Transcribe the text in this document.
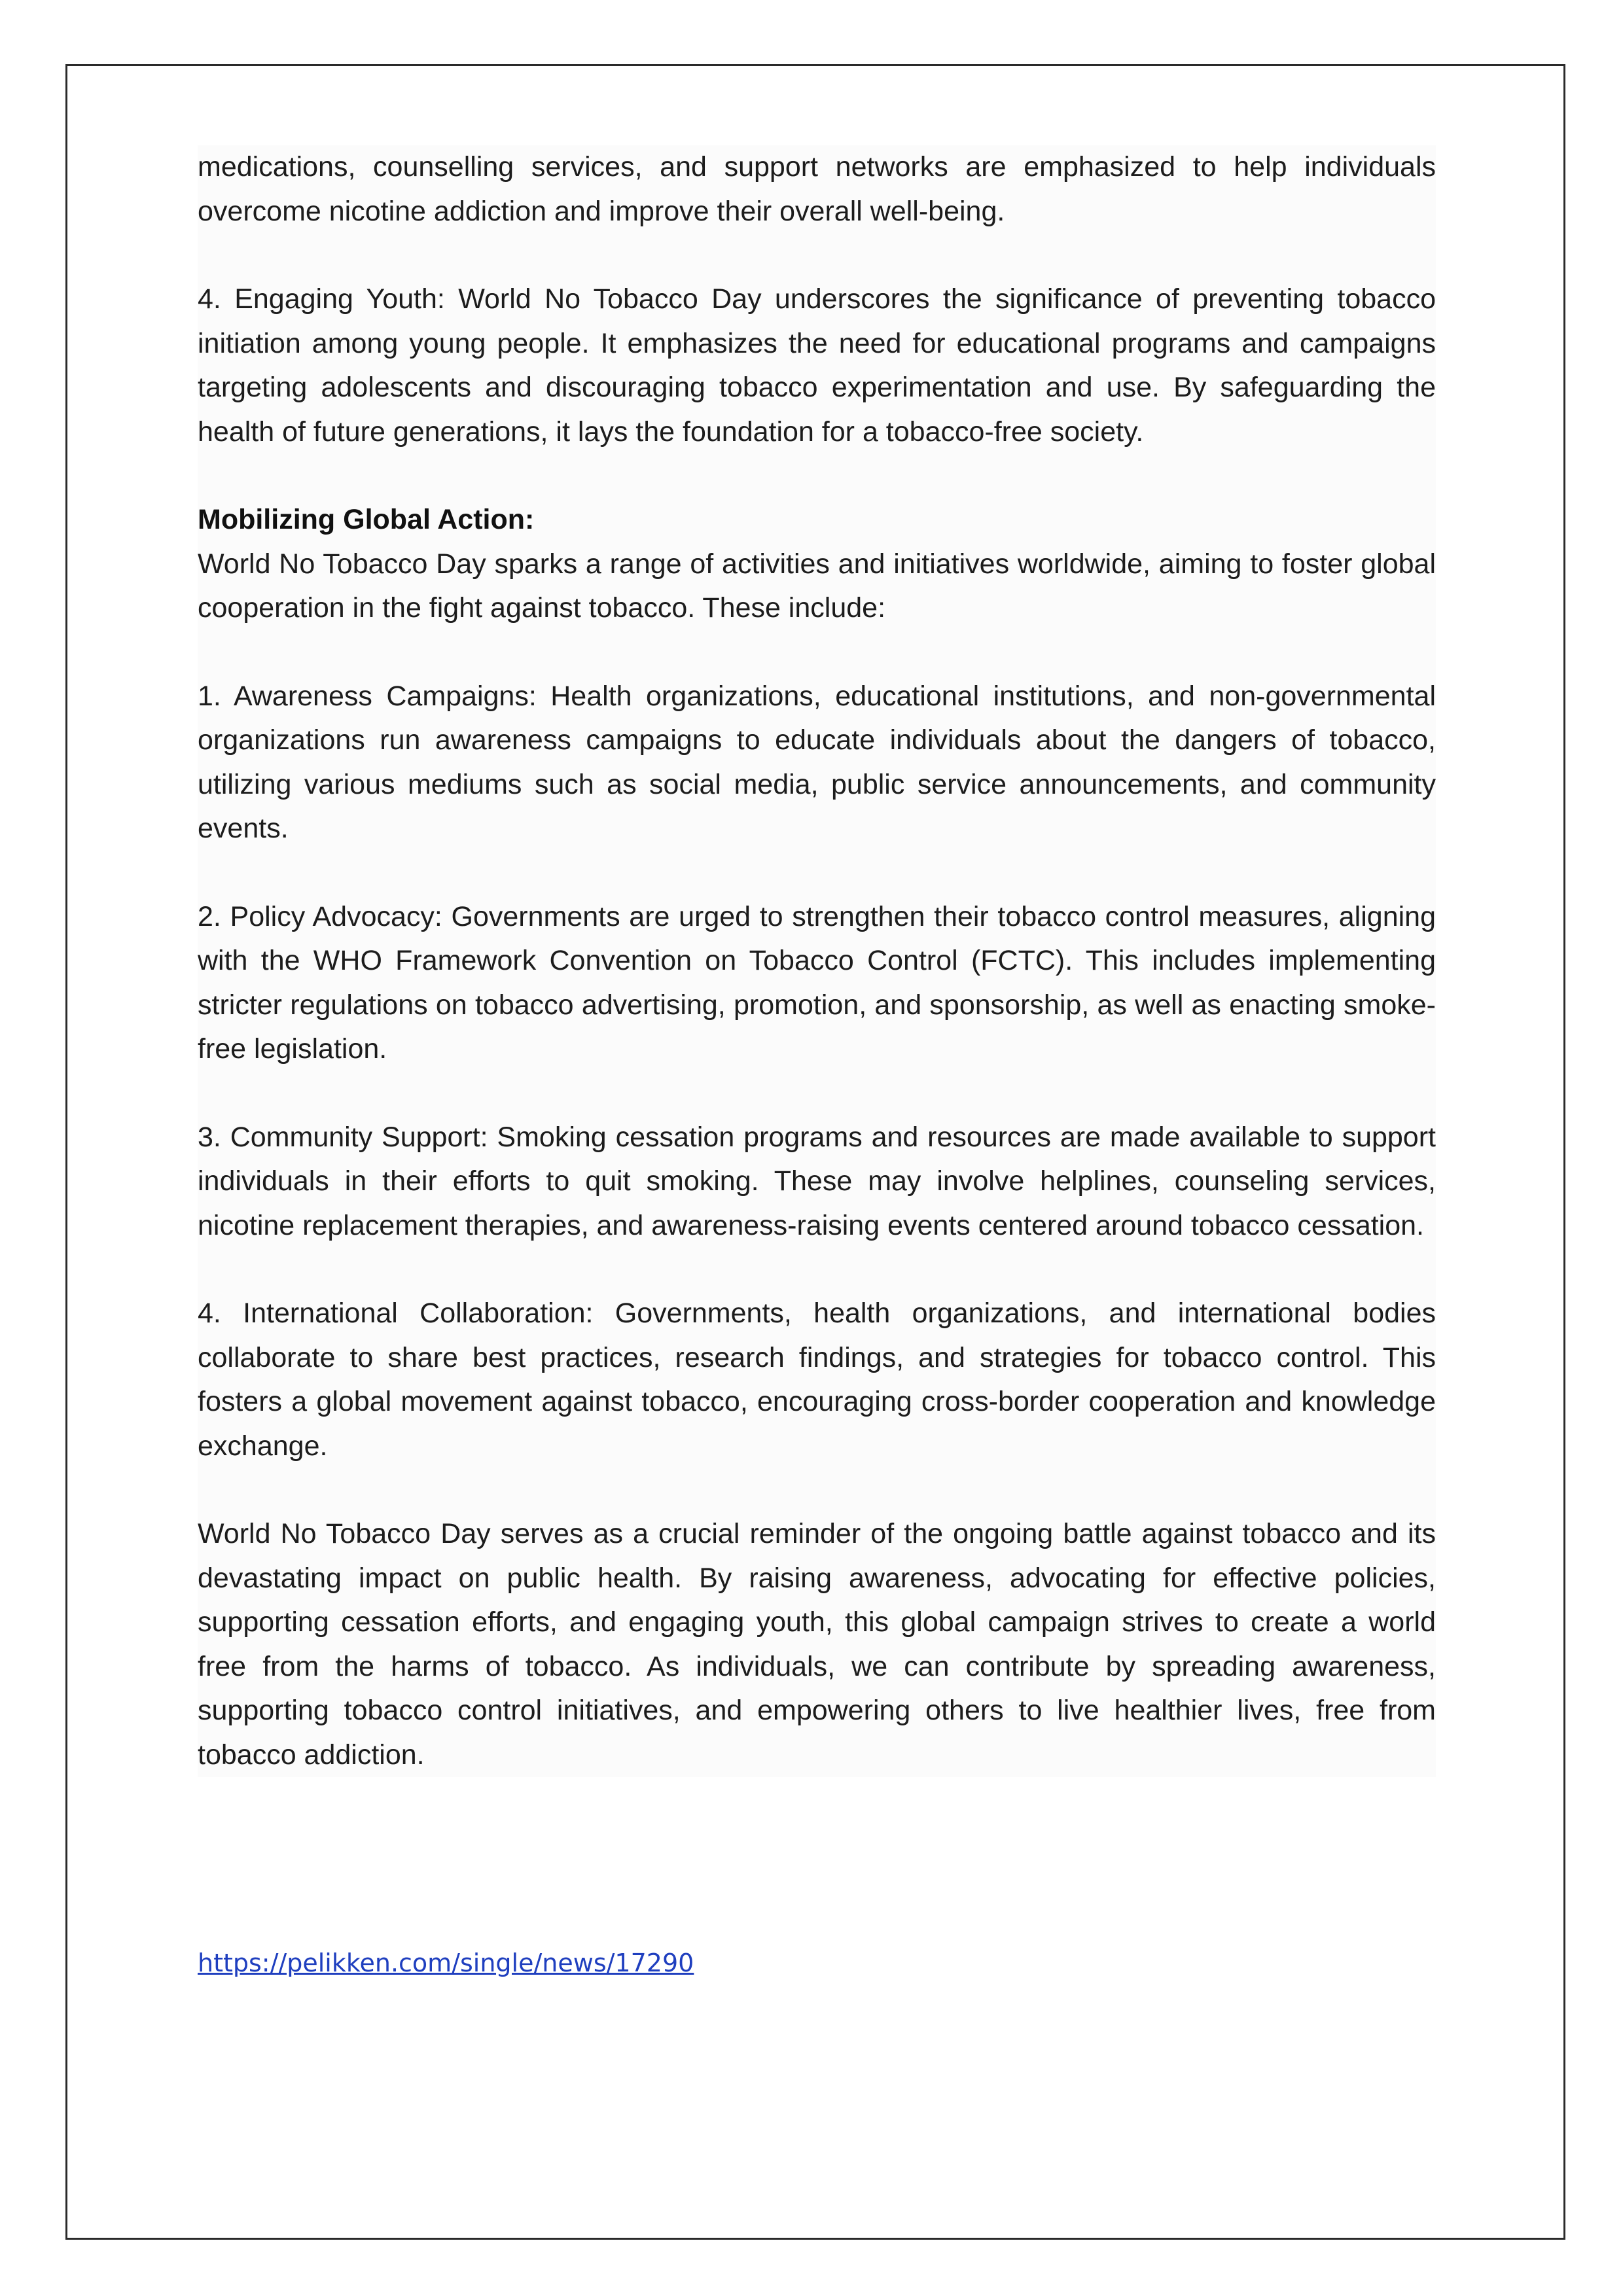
medications, counselling services, and support networks are emphasized to help individuals overcome nicotine addiction and improve their overall well-being.

4. Engaging Youth: World No Tobacco Day underscores the significance of preventing tobacco initiation among young people. It emphasizes the need for educational programs and campaigns targeting adolescents and discouraging tobacco experimentation and use. By safeguarding the health of future generations, it lays the foundation for a tobacco-free society.

Mobilizing Global Action:

World No Tobacco Day sparks a range of activities and initiatives worldwide, aiming to foster global cooperation in the fight against tobacco. These include:

1. Awareness Campaigns: Health organizations, educational institutions, and non-governmental organizations run awareness campaigns to educate individuals about the dangers of tobacco, utilizing various mediums such as social media, public service announcements, and community events.

2. Policy Advocacy: Governments are urged to strengthen their tobacco control measures, aligning with the WHO Framework Convention on Tobacco Control (FCTC). This includes implementing stricter regulations on tobacco advertising, promotion, and sponsorship, as well as enacting smoke-free legislation.

3. Community Support: Smoking cessation programs and resources are made available to support individuals in their efforts to quit smoking. These may involve helplines, counseling services, nicotine replacement therapies, and awareness-raising events centered around tobacco cessation.

4. International Collaboration: Governments, health organizations, and international bodies collaborate to share best practices, research findings, and strategies for tobacco control. This fosters a global movement against tobacco, encouraging cross-border cooperation and knowledge exchange.

World No Tobacco Day serves as a crucial reminder of the ongoing battle against tobacco and its devastating impact on public health. By raising awareness, advocating for effective policies, supporting cessation efforts, and engaging youth, this global campaign strives to create a world free from the harms of tobacco. As individuals, we can contribute by spreading awareness, supporting tobacco control initiatives, and empowering others to live healthier lives, free from tobacco addiction.

https://pelikken.com/single/news/17290
